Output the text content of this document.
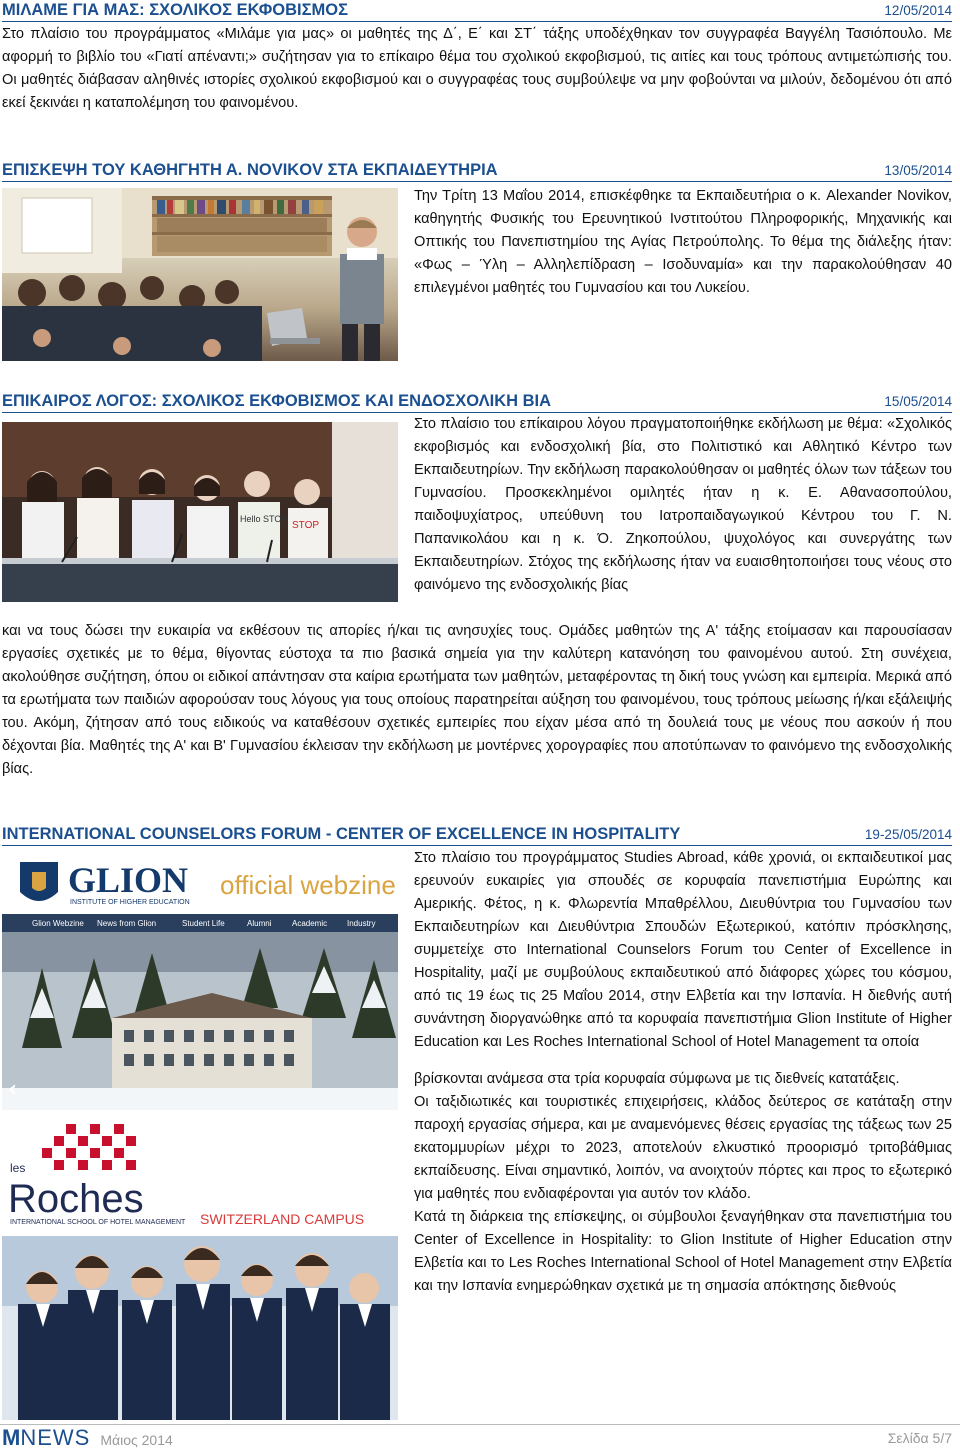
ΜΙΛΑΜΕ ΓΙΑ ΜΑΣ: ΣΧΟΛΙΚΟΣ ΕΚΦΟΒΙΣΜΟΣ	12/05/2014

Στο πλαίσιο του προγράμματος «Μιλάμε για μας» οι μαθητές της Δ΄, Ε΄ και ΣΤ΄ τάξης υποδέχθηκαν τον συγγραφέα Βαγγέλη Τασιόπουλο. Με αφορμή το βιβλίο του «Γιατί απέναντι;» συζήτησαν για το επίκαιρο θέμα του σχολικού εκφοβισμού, τις αιτίες και τους τρόπους αντιμετώπισής του. Οι μαθητές διάβασαν αληθινές ιστορίες σχολικού εκφοβισμού και ο συγγραφέας τους συμβούλεψε να μην φοβούνται να μιλούν, δεδομένου ότι από εκεί ξεκινάει η καταπολέμηση του φαινομένου.

ΕΠΙΣΚΕΨΗ ΤΟΥ ΚΑΘΗΓΗΤΗ Α. NOVIKOV ΣΤΑ ΕΚΠΑΙΔΕΥΤΗΡΙΑ	13/05/2014

Την Τρίτη 13 Μαΐου 2014, επισκέφθηκε τα Εκπαιδευτήρια ο κ. Alexander Novikov, καθηγητής Φυσικής του Ερευνητικού Ινστιτούτου Πληροφορικής, Μηχανικής και Οπτικής του Πανεπιστημίου της Αγίας Πετρούπολης. Το θέμα της διάλεξης ήταν: «Φως – Ύλη – Αλληλεπίδραση – Ισοδυναμία» και την παρακολούθησαν 40 επιλεγμένοι μαθητές του Γυμνασίου και του Λυκείου.

ΕΠΙΚΑΙΡΟΣ ΛΟΓΟΣ: ΣΧΟΛΙΚΟΣ ΕΚΦΟΒΙΣΜΟΣ ΚΑΙ ΕΝΔΟΣΧΟΛΙΚΗ ΒΙΑ	15/05/2014
STOP
Hello STOP

Στο πλαίσιο του επίκαιρου λόγου πραγματοποιήθηκε εκδήλωση με θέμα: «Σχολικός εκφοβισμός και ενδοσχολική βία, στο Πολιτιστικό και Αθλητικό Κέντρο των Εκπαιδευτηρίων. Την εκδήλωση παρακολούθησαν οι μαθητές όλων των τάξεων του Γυμνασίου. Προσκεκλημένοι ομιλητές ήταν η κ. Ε. Αθανασοπούλου, παιδοψυχίατρος, υπεύθυνη του Ιατροπαιδαγωγικού Κέντρου του Γ. Ν. Παπανικολάου και η κ. Ό. Ζηκοπούλου, ψυχολόγος και συνεργάτης των Εκπαιδευτηρίων. Στόχος της εκδήλωσης ήταν να ευαισθητοποιήσει τους νέους στο φαινόμενο της ενδοσχολικής βίας

και να τους δώσει την ευκαιρία να εκθέσουν τις απορίες ή/και τις ανησυχίες τους. Ομάδες μαθητών της Α' τάξης ετοίμασαν και παρουσίασαν εργασίες σχετικές με το θέμα, θίγοντας εύστοχα τα πιο βασικά σημεία για την καλύτερη κατανόηση του φαινομένου αυτού. Στη συνέχεια, ακολούθησε συζήτηση, όπου οι ειδικοί απάντησαν στα καίρια ερωτήματα των μαθητών, μεταφέροντας τη δική τους γνώση και εμπειρία. Μερικά από τα ερωτήματα των παιδιών αφορούσαν τους λόγους για τους οποίους παρατηρείται αύξηση του φαινομένου, τους τρόπους μείωσης ή/και εξάλειψής του. Ακόμη, ζήτησαν από τους ειδικούς να καταθέσουν σχετικές εμπειρίες που είχαν μέσα από τη δουλειά τους με νέους που ασκούν ή που δέχονται βία. Μαθητές της Α' και Β' Γυμνασίου έκλεισαν την εκδήλωση με μοντέρνες χορογραφίες που αποτύπωναν το φαινόμενο της ενδοσχολικής βίας.

INTERNATIONAL COUNSELORS FORUM - CENTER OF EXCELLENCE IN HOSPITALITY	19-25/05/2014
GLION
INSTITUTE OF HIGHER EDUCATION
official webzine
Glion Webzine News from Glion	Student Life	Alumni	Academic Industry
‹
les
Roches
INTERNATIONAL SCHOOL OF HOTEL MANAGEMENT SWITZERLAND CAMPUS

Στο πλαίσιο του προγράμματος Studies Abroad, κάθε χρονιά, οι εκπαιδευτικοί μας ερευνούν ευκαιρίες για σπουδές σε κορυφαία πανεπιστήμια Ευρώπης και Αμερικής. Φέτος, η κ. Φλωρεντία Μπαθρέλλου, Διευθύντρια του Γυμνασίου των Εκπαιδευτηρίων και Διευθύντρια Σπουδών Εξωτερικού, κατόπιν πρόσκλησης, συμμετείχε στο International Counselors Forum του Center of Excellence in Hospitality, μαζί με συμβούλους εκπαιδευτικού από διάφορες χώρες του κόσμου, από τις 19 έως τις 25 Μαΐου 2014, στην Ελβετία και την Ισπανία. Η διεθνής αυτή συνάντηση διοργανώθηκε από τα κορυφαία πανεπιστήμια Glion Institute of Higher Education και Les Roches International School of Hotel Management τα οποία

βρίσκονται ανάμεσα στα τρία κορυφαία σύμφωνα με τις διεθνείς κατατάξεις.

Οι ταξιδιωτικές και τουριστικές επιχειρήσεις, κλάδος δεύτερος σε κατάταξη στην παροχή εργασίας σήμερα, και με αναμενόμενες θέσεις εργασίας της τάξεως των 25 εκατομμυρίων μέχρι το 2023, αποτελούν ελκυστικό προορισμό τριτοβάθμιας εκπαίδευσης. Είναι σημαντικό, λοιπόν, να ανοιχτούν πόρτες και προς το εξωτερικό για μαθητές που ενδιαφέρονται για αυτόν τον κλάδο.

Κατά τη διάρκεια της επίσκεψης, οι σύμβουλοι ξεναγήθηκαν στα πανεπιστήμια του Center of Excellence in Hospitality: το Glion Institute of Higher Education στην Ελβετία και το Les Roches International School of Hotel Management στην Ελβετία και την Ισπανία ενημερώθηκαν σχετικά με τη σημασία απόκτησης διεθνούς

M NEWS Μάιος 2014	Σελίδα 5/7
